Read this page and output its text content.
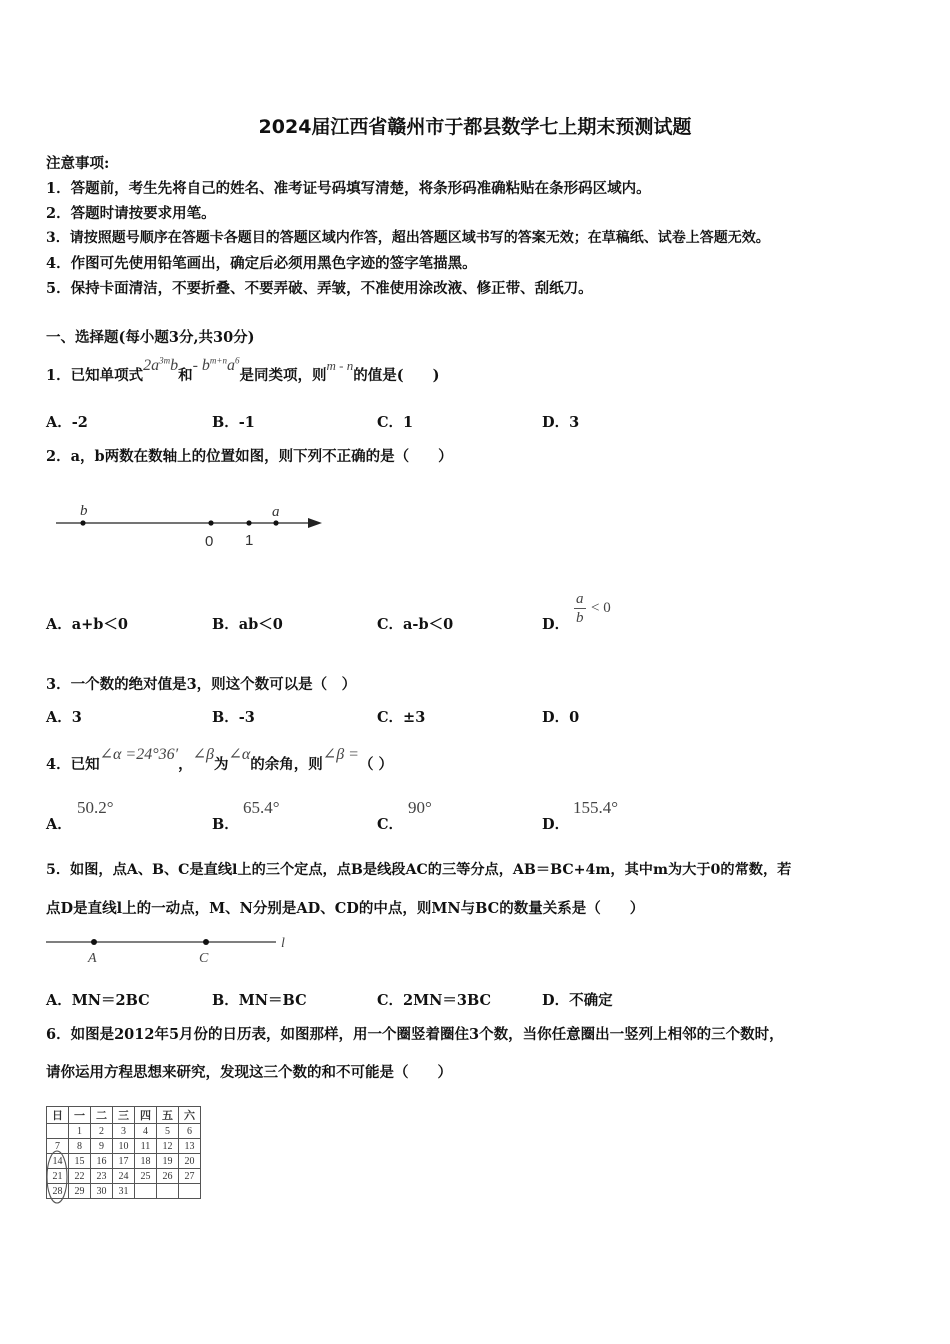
2024届江西省赣州市于都县数学七上期末预测试题
注意事项:
1．答题前，考生先将自己的姓名、准考证号码填写清楚，将条形码准确粘贴在条形码区域内。
2．答题时请按要求用笔。
3．请按照题号顺序在答题卡各题目的答题区域内作答，超出答题区域书写的答案无效；在草稿纸、试卷上答题无效。
4．作图可先使用铅笔画出，确定后必须用黑色字迹的签字笔描黑。
5．保持卡面清洁，不要折叠、不要弄破、弄皱，不准使用涂改液、修正带、刮纸刀。
一、选择题(每小题3分,共30分)
1．已知单项式$2a^{3m}b$和- $b^{m+n}a^6$是同类项，则m - n的值是(　　)
A．-2	B．-1	C．1	D．3
2．a，b两数在数轴上的位置如图，则下列不正确的是（　　）
b
0 1
a
A．a+b＜0	B．ab＜0	C．a-b＜0	D．
a
b
< 0
3．一个数的绝对值是3，则这个数可以是（　）
A．3	B．-3	C．±3	D．0
4．已知∠α =24°36′，∠β为∠α的余角，则∠β =（ ）
A．
50.2°
B．
65.4°
C．
90°
D．
155.4°
5．如图，点A、B、C是直线l上的三个定点，点B是线段AC的三等分点，AB＝BC+4m，其中m为大于0的常数，若
点D是直线l上的一动点，M、N分别是AD、CD的中点，则MN与BC的数量关系是（　　）
A	C
l
A．MN＝2BC	B．MN＝BC	C．2MN＝3BC	D．不确定
6．如图是2012年5月份的日历表，如图那样，用一个圈竖着圈住3个数，当你任意圈出一竖列上相邻的三个数时，
请你运用方程思想来研究，发现这三个数的和不可能是（　　）
日	一	二	三	四	五	六
	1	2	3	4	5	6
7	8	9	10	11	12	13
14	15	16	17	18	19	20
21	22	23	24	25	26	27
28	29	30	31			
